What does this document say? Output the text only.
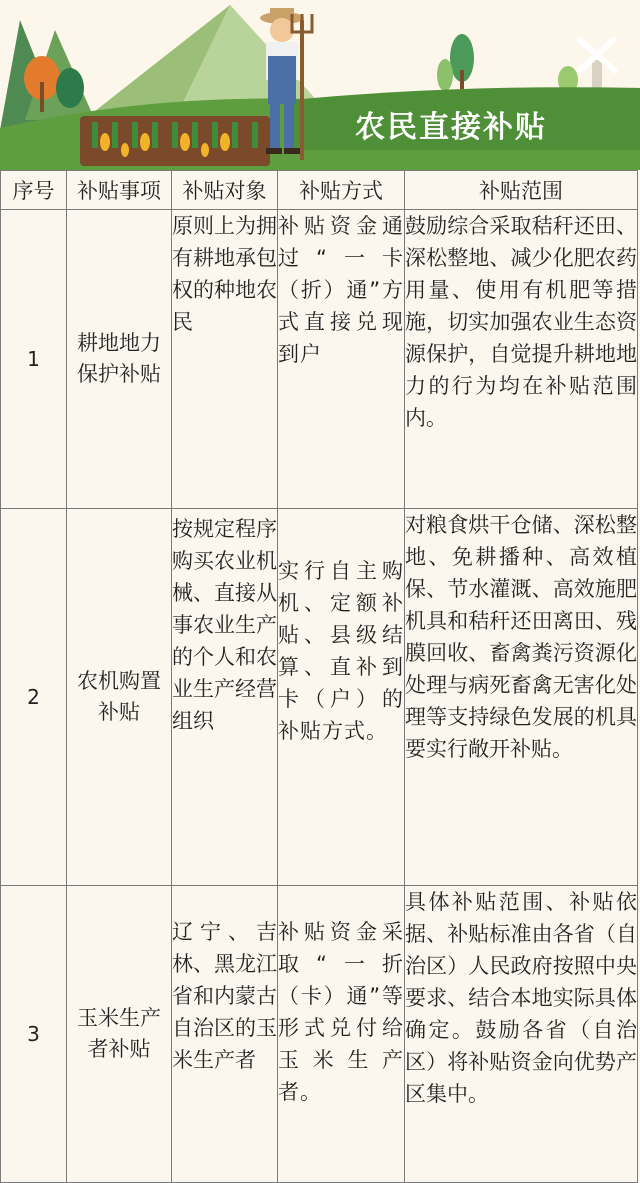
农民直接补贴
序号	补贴事项	补贴对象	补贴方式	补贴范围
1	耕地地力保护补贴	原则上为拥有耕地承包权的种地农民	补贴资金通过“一卡（折）通”方式直接兑现到户	鼓励综合采取秸秆还田、深松整地、减少化肥农药用量、使用有机肥等措施，切实加强农业生态资源保护，自觉提升耕地地力的行为均在补贴范围内。
2	农机购置补贴	按规定程序购买农业机械、直接从事农业生产的个人和农业生产经营组织	实行自主购机、定额补贴、县级结算、直补到卡（户）的补贴方式。	对粮食烘干仓储、深松整地、免耕播种、高效植保、节水灌溉、高效施肥机具和秸秆还田离田、残膜回收、畜禽粪污资源化处理与病死畜禽无害化处理等支持绿色发展的机具要实行敞开补贴。
3	玉米生产者补贴	辽宁、吉林、黑龙江省和内蒙古自治区的玉米生产者	补贴资金采取“一折（卡）通”等形式兑付给玉米生产者。	具体补贴范围、补贴依据、补贴标准由各省（自治区）人民政府按照中央要求、结合本地实际具体确定。鼓励各省（自治区）将补贴资金向优势产区集中。
